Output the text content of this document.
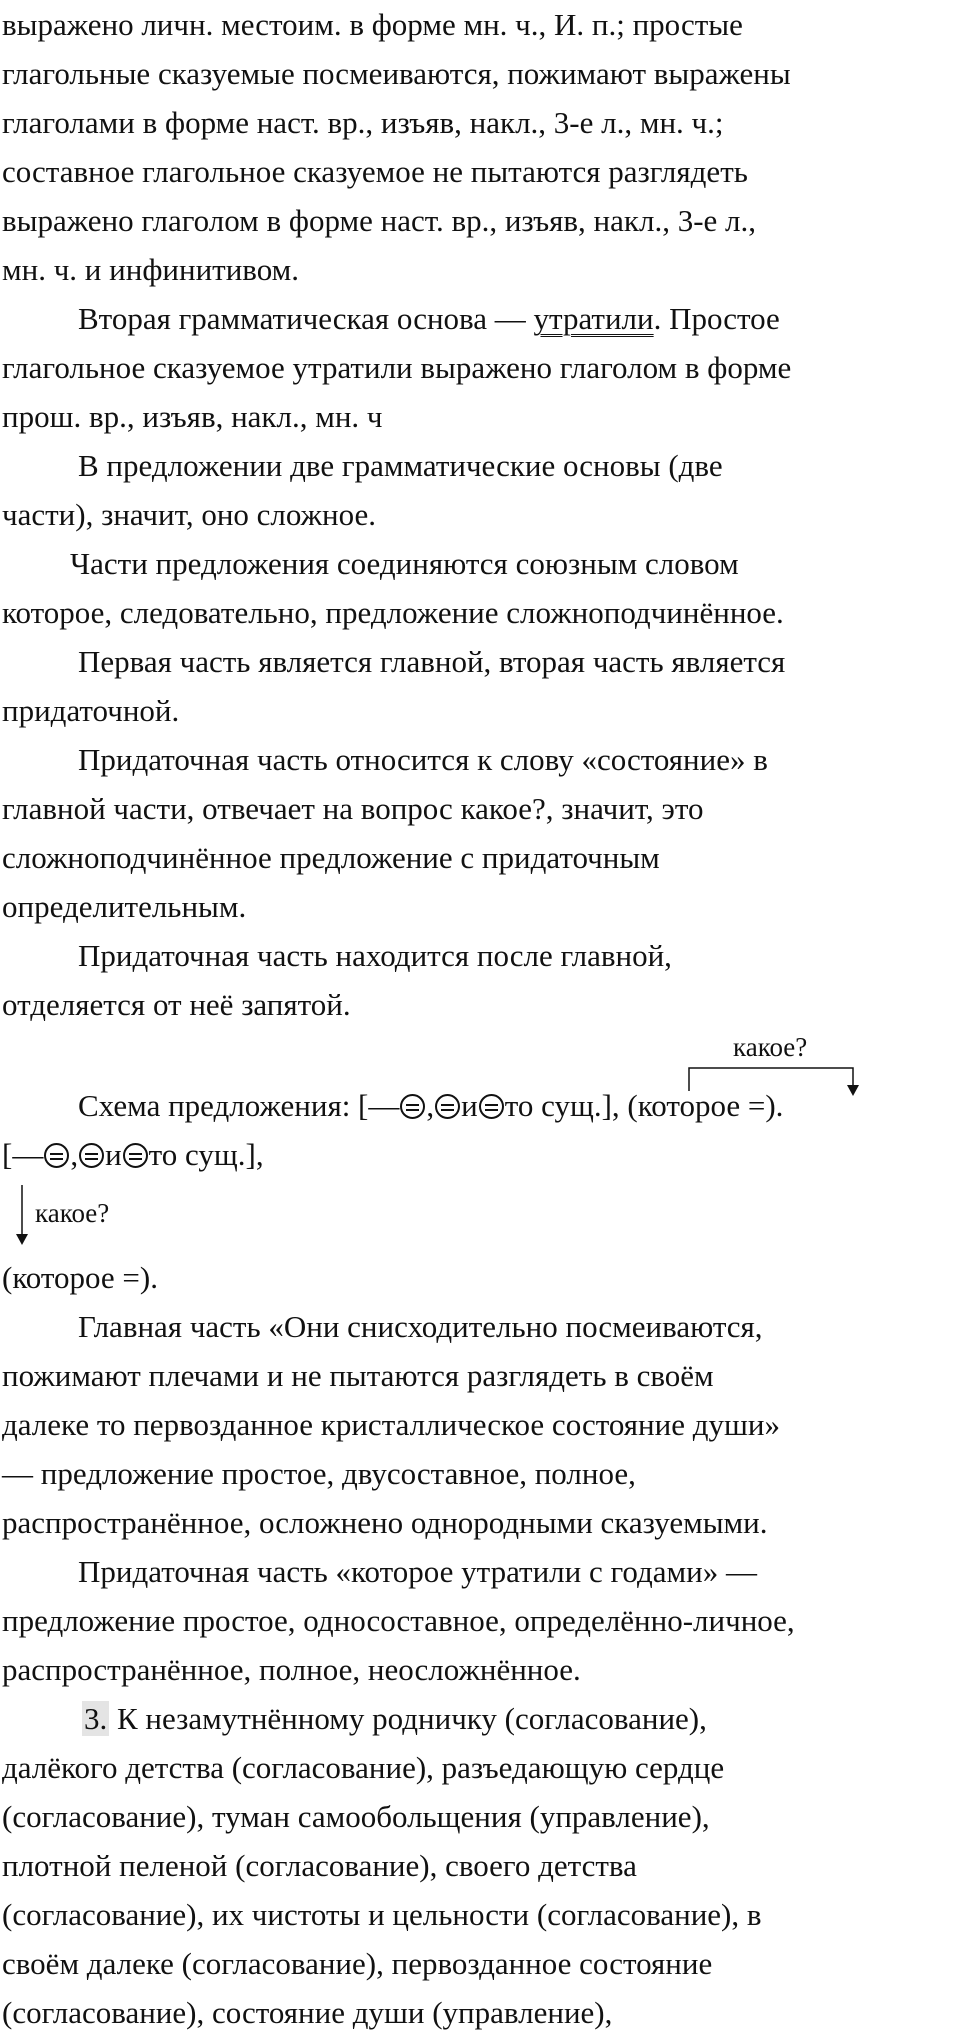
выражено личн. местоим. в форме мн. ч., И. п.; простые
глагольные сказуемые посмеиваются, пожимают выражены
глаголами в форме наст. вр., изъяв, накл., 3-е л., мн. ч.;
составное глагольное сказуемое не пытаются разглядеть
выражено глаголом в форме наст. вр., изъяв, накл., 3-е л.,
мн. ч. и инфинитивом.
Вторая грамматическая основа — утратили. Простое
глагольное сказуемое утратили выражено глаголом в форме
прош. вр., изъяв, накл., мн. ч
В предложении две грамматические основы (две
части), значит, оно сложное.
Части предложения соединяются союзным словом
которое, следовательно, предложение сложноподчинённое.
Первая часть является главной, вторая часть является
придаточной.
Придаточная часть относится к слову «состояние» в
главной части, отвечает на вопрос какое?, значит, это
сложноподчинённое предложение с придаточным
определительным.
Придаточная часть находится после главной,
отделяется от неё запятой.
какое?
Схема предложения: [— , и то сущ.], (которое =).
[— , и то сущ.],
какое?
(которое =).
Главная часть «Они снисходительно посмеиваются,
пожимают плечами и не пытаются разглядеть в своём
далеке то первозданное кристаллическое состояние души»
— предложение простое, двусоставное, полное,
распространённое, осложнено однородными сказуемыми.
Придаточная часть «которое утратили с годами» —
предложение простое, односоставное, определённо-личное,
распространённое, полное, неосложнённое.
3. К незамутнённому родничку (согласование),
далёкого детства (согласование), разъедающую сердце
(согласование), туман самообольщения (управление),
плотной пеленой (согласование), своего детства
(согласование), их чистоты и цельности (согласование), в
своём далеке (согласование), первозданное состояние
(согласование), состояние души (управление),
